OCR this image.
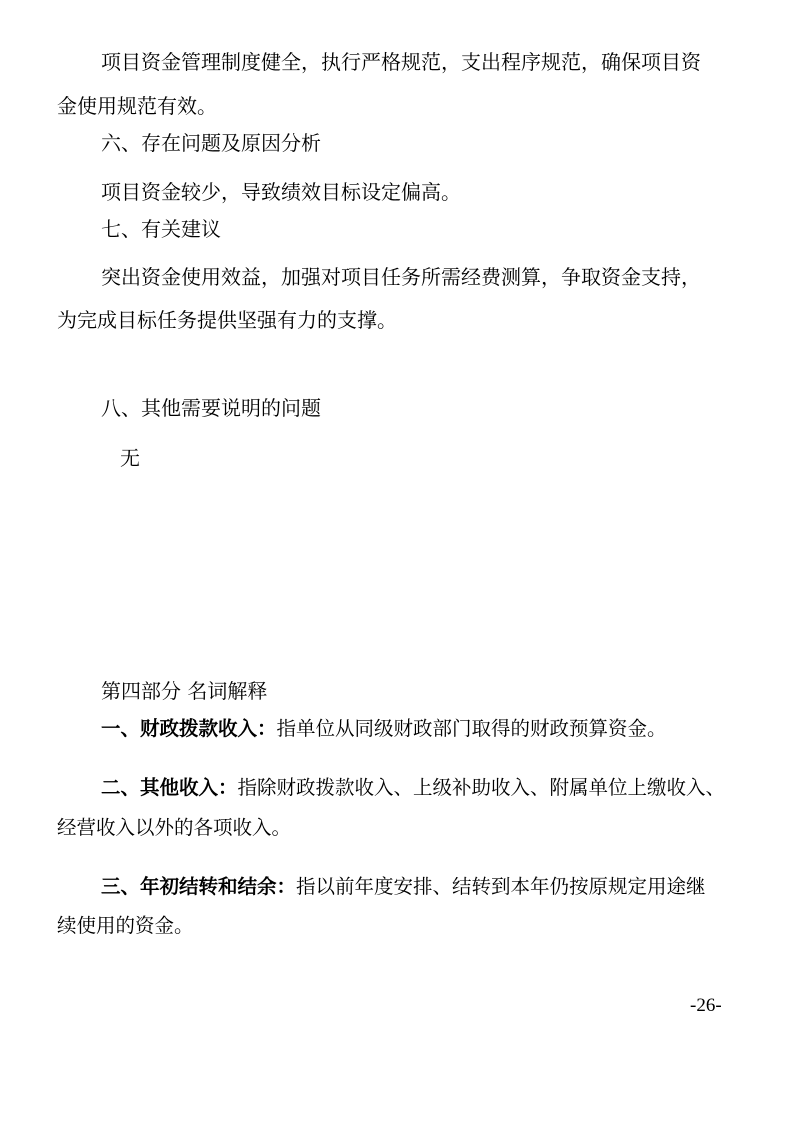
项目资金管理制度健全，执行严格规范，支出程序规范，确保项目资
金使用规范有效。
六、存在问题及原因分析
项目资金较少，导致绩效目标设定偏高。
七、有关建议
突出资金使用效益，加强对项目任务所需经费测算，争取资金支持，
为完成目标任务提供坚强有力的支撑。
八、其他需要说明的问题
无
第四部分 名词解释
一、财政拨款收入：指单位从同级财政部门取得的财政预算资金。
二、其他收入：指除财政拨款收入、上级补助收入、附属单位上缴收入、
经营收入以外的各项收入。
三、年初结转和结余：指以前年度安排、结转到本年仍按原规定用途继
续使用的资金。
-26-
